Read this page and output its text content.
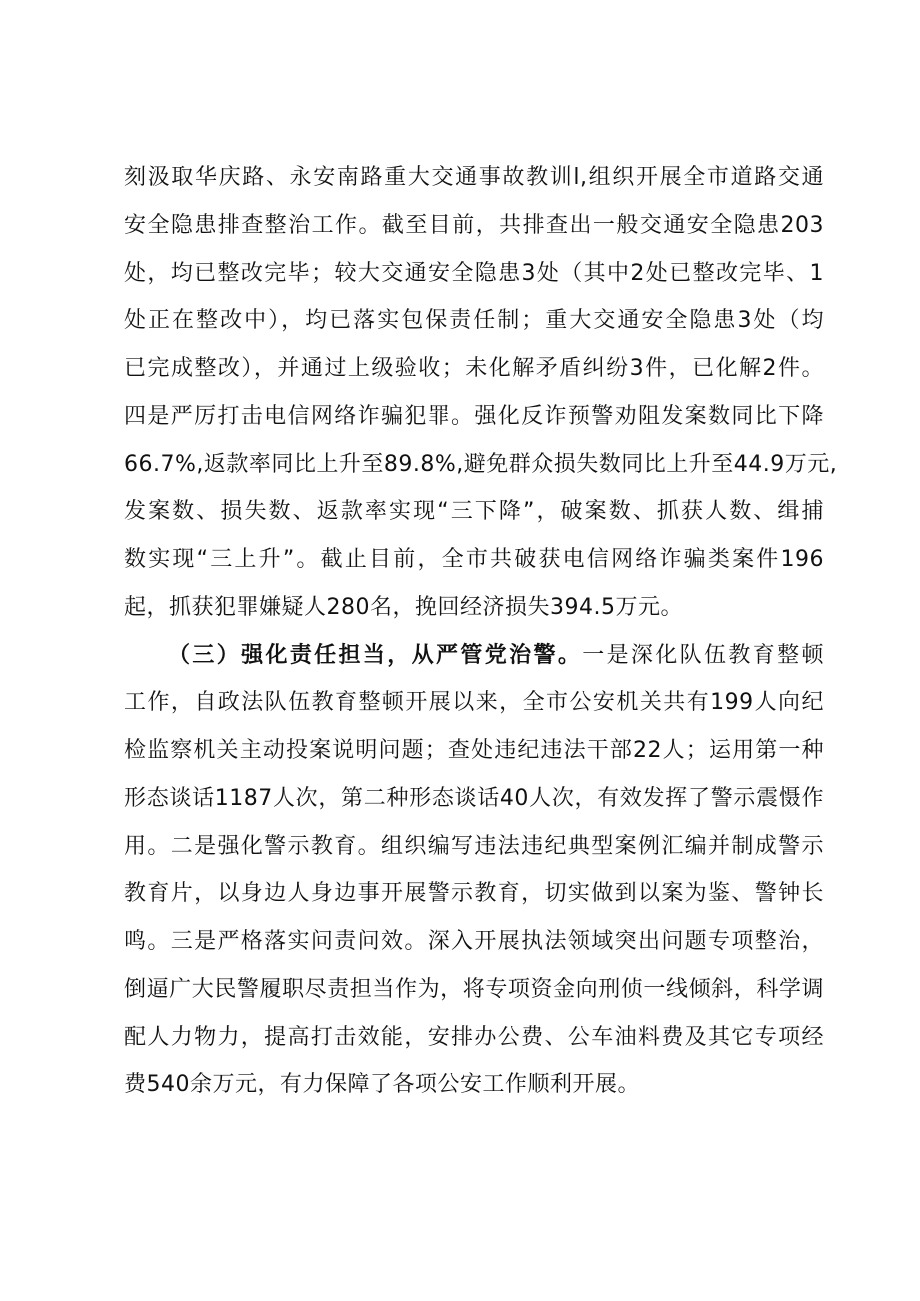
刻汲取华庆路、永安南路重大交通事故教训l,组织开展全市道路交通
安全隐患排查整治工作。截至目前，共排查出一般交通安全隐患203
处，均已整改完毕；较大交通安全隐患3处（其中2处已整改完毕、1
处正在整改中），均已落实包保责任制；重大交通安全隐患3处（均
已完成整改），并通过上级验收；未化解矛盾纠纷3件，已化解2件。
四是严厉打击电信网络诈骗犯罪。强化反诈预警劝阻发案数同比下降
66.7%,返款率同比上升至89.8%,避免群众损失数同比上升至44.9万元,
发案数、损失数、返款率实现“三下降”，破案数、抓获人数、缉捕
数实现“三上升”。截止目前，全市共破获电信网络诈骗类案件196
起，抓获犯罪嫌疑人280名，挽回经济损失394.5万元。
（三）强化责任担当，从严管党治警。一是深化队伍教育整顿
工作，自政法队伍教育整顿开展以来，全市公安机关共有199人向纪
检监察机关主动投案说明问题；查处违纪违法干部22人；运用第一种
形态谈话1187人次，第二种形态谈话40人次，有效发挥了警示震慑作
用。二是强化警示教育。组织编写违法违纪典型案例汇编并制成警示
教育片，以身边人身边事开展警示教育，切实做到以案为鉴、警钟长
鸣。三是严格落实问责问效。深入开展执法领域突出问题专项整治，
倒逼广大民警履职尽责担当作为，将专项资金向刑侦一线倾斜，科学调
配人力物力，提高打击效能，安排办公费、公车油料费及其它专项经
费540余万元，有力保障了各项公安工作顺利开展。
